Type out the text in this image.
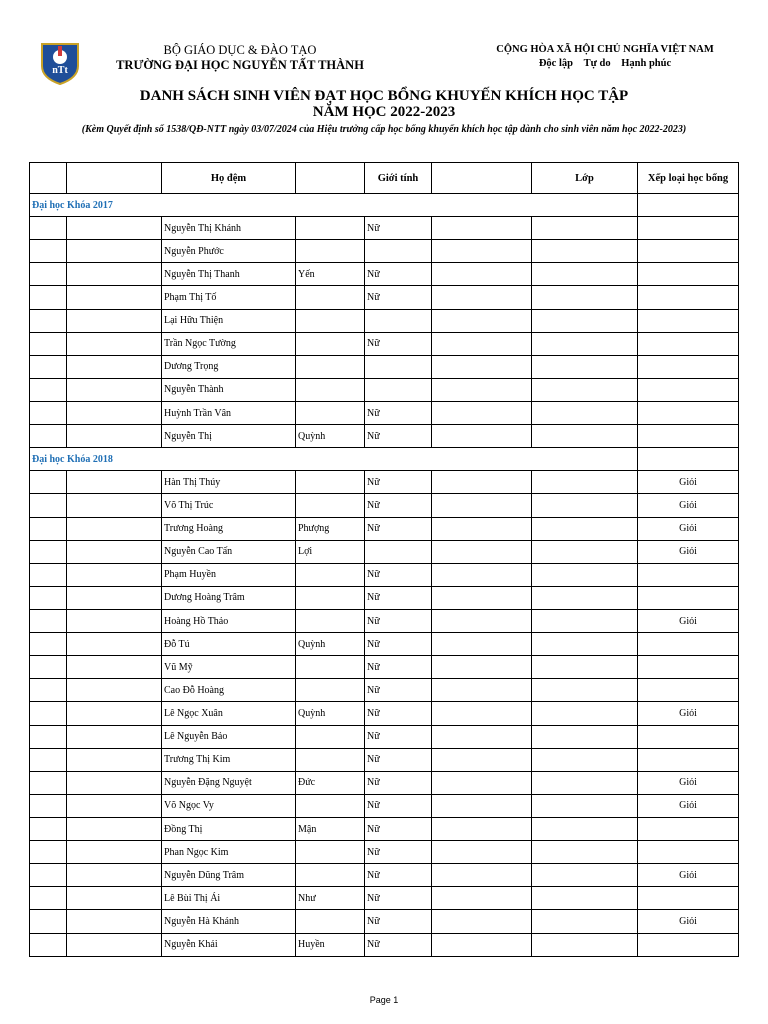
nTt
BỘ GIÁO DỤC & ĐÀO TẠO
TRƯỜNG ĐẠI HỌC NGUYỄN TẤT THÀNH
CỘNG HÒA XÃ HỘI CHỦ NGHĨA VIỆT NAM
Độc lập Tự do Hạnh phúc
DANH SÁCH SINH VIÊN ĐẠT HỌC BỔNG KHUYẾN KHÍCH HỌC TẬP
NĂM HỌC 2022-2023
(Kèm Quyết định số 1538/QĐ-NTT ngày 03/07/2024 của Hiệu trưởng cấp học bổng khuyến khích học tập dành cho sinh viên năm học 2022-2023)
		Họ đệm		Giới tính		Lớp	Xếp loại học bổng
Đại học Khóa 2017							
		Nguyễn Thị Khánh		Nữ			
		Nguyễn Phước					
		Nguyễn Thị Thanh	Yến	Nữ			
		Phạm Thị Tố		Nữ			
		Lại Hữu Thiện					
		Trần Ngọc Tường		Nữ			
		Dương Trọng					
		Nguyễn Thành					
		Huỳnh Trần Vân		Nữ			
		Nguyễn Thị	Quỳnh	Nữ			
Đại học Khóa 2018							
		Hàn Thị Thúy		Nữ			Giỏi
		Võ Thị Trúc		Nữ			Giỏi
		Trương Hoàng	Phượng	Nữ			Giỏi
		Nguyễn Cao Tấn	Lợi				Giỏi
		Phạm Huyền		Nữ			
		Dương Hoàng Trâm		Nữ			
		Hoàng Hồ Thảo		Nữ			Giỏi
		Đỗ Tú	Quỳnh	Nữ			
		Vũ Mỹ		Nữ			
		Cao Đỗ Hoàng		Nữ			
		Lê Ngọc Xuân	Quỳnh	Nữ			Giỏi
		Lê Nguyễn Bảo		Nữ			
		Trương Thị Kim		Nữ			
		Nguyễn Đặng Nguyệt	Đức	Nữ			Giỏi
		Võ Ngọc Vy		Nữ			Giỏi
		Đồng Thị	Mận	Nữ			
		Phan Ngọc Kim		Nữ			
		Nguyễn Dũng Trâm		Nữ			Giỏi
		Lê Bùi Thị Ái	Như	Nữ			
		Nguyễn Hà Khánh		Nữ			Giỏi
		Nguyễn Khải	Huyền	Nữ			
Page 1
